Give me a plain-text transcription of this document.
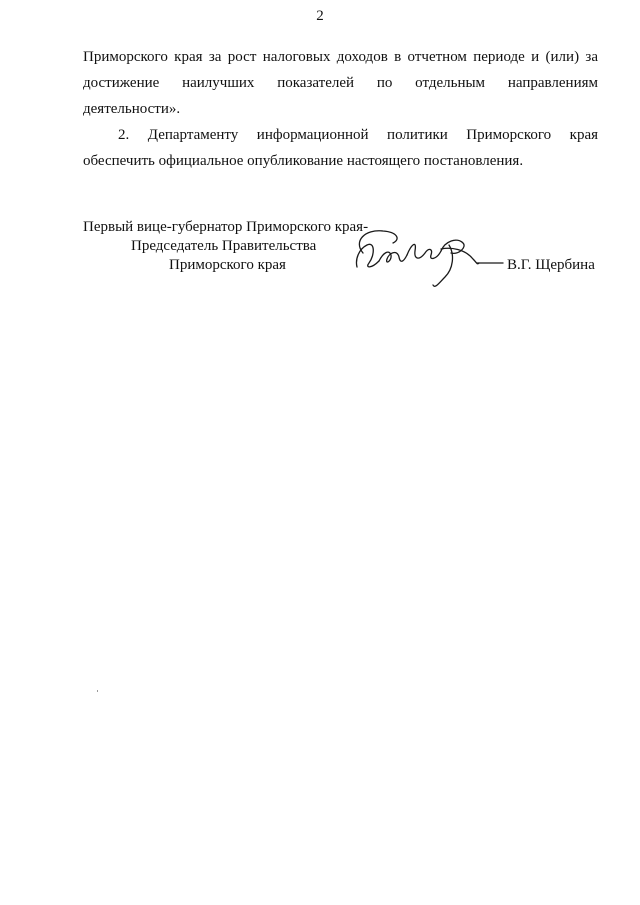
2

Приморского края за рост налоговых доходов в отчетном периоде и (или) за достижение наилучших показателей по отдельным направлениям деятельности».

2. Департаменту информационной политики Приморского края обеспечить официальное опубликование настоящего постановления.

Первый вице-губернатор Приморского края-
Председатель Правительства
Приморского края	В.Г. Щербина
